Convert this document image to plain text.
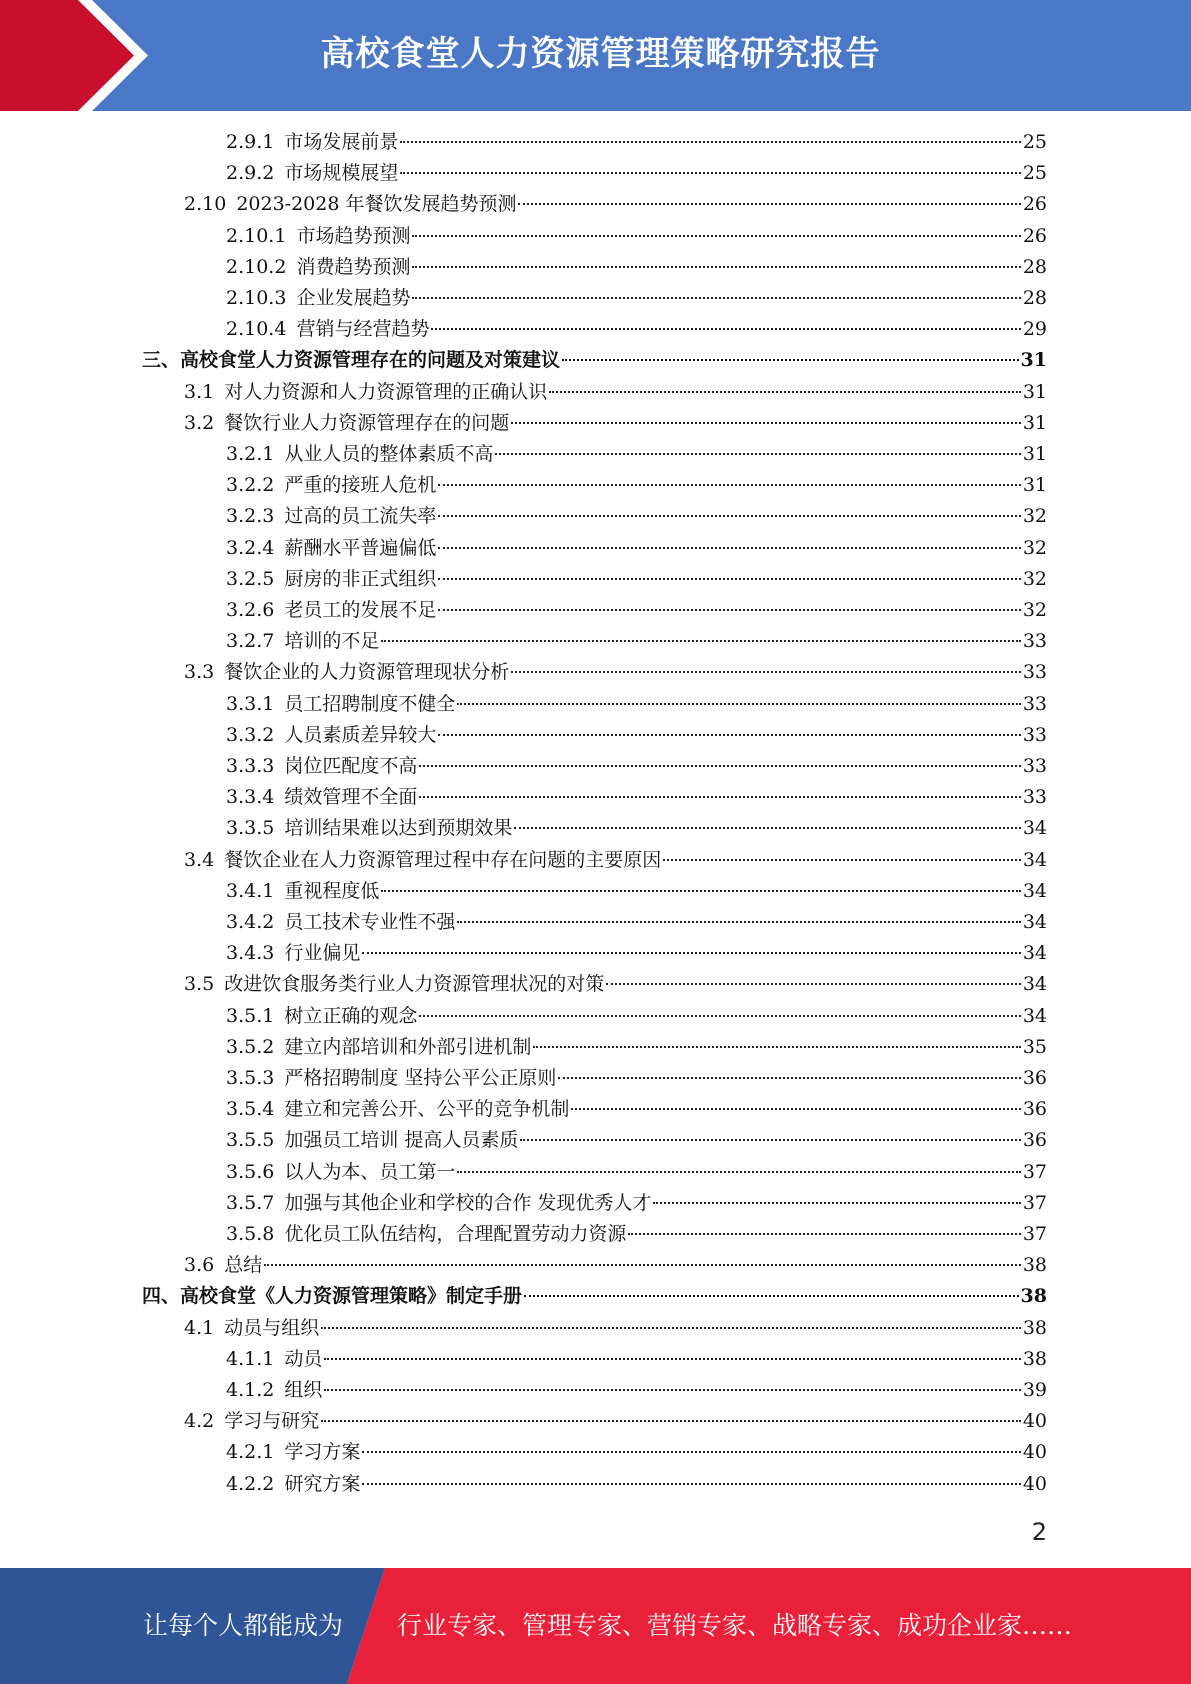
高校食堂人力资源管理策略研究报告
2.9.1 市场发展前景	25
2.9.2 市场规模展望	25
2.10 2023-2028 年餐饮发展趋势预测	26
2.10.1 市场趋势预测	26
2.10.2 消费趋势预测	28
2.10.3 企业发展趋势	28
2.10.4 营销与经营趋势	29
三、 高校食堂人力资源管理存在的问题及对策建议	31
3.1 对人力资源和人力资源管理的正确认识	31
3.2 餐饮行业人力资源管理存在的问题	31
3.2.1 从业人员的整体素质不高	31
3.2.2 严重的接班人危机	31
3.2.3 过高的员工流失率	32
3.2.4 薪酬水平普遍偏低	32
3.2.5 厨房的非正式组织	32
3.2.6 老员工的发展不足	32
3.2.7 培训的不足	33
3.3 餐饮企业的人力资源管理现状分析	33
3.3.1 员工招聘制度不健全	33
3.3.2 人员素质差异较大	33
3.3.3 岗位匹配度不高	33
3.3.4 绩效管理不全面	33
3.3.5 培训结果难以达到预期效果	34
3.4 餐饮企业在人力资源管理过程中存在问题的主要原因	34
3.4.1 重视程度低	34
3.4.2 员工技术专业性不强	34
3.4.3 行业偏见	34
3.5 改进饮食服务类行业人力资源管理状况的对策	34
3.5.1 树立正确的观念	34
3.5.2 建立内部培训和外部引进机制	35
3.5.3 严格招聘制度 坚持公平公正原则	36
3.5.4 建立和完善公开、公平的竞争机制	36
3.5.5 加强员工培训 提高人员素质	36
3.5.6 以人为本、员工第一	37
3.5.7 加强与其他企业和学校的合作 发现优秀人才	37
3.5.8 优化员工队伍结构，合理配置劳动力资源	37
3.6 总结	38
四、 高校食堂《人力资源管理策略》制定手册	38
4.1 动员与组织	38
4.1.1 动员	38
4.1.2 组织	39
4.2 学习与研究	40
4.2.1 学习方案	40
4.2.2 研究方案	40
2
让每个人都能成为 行业专家、管理专家、营销专家、战略专家、成功企业家……
